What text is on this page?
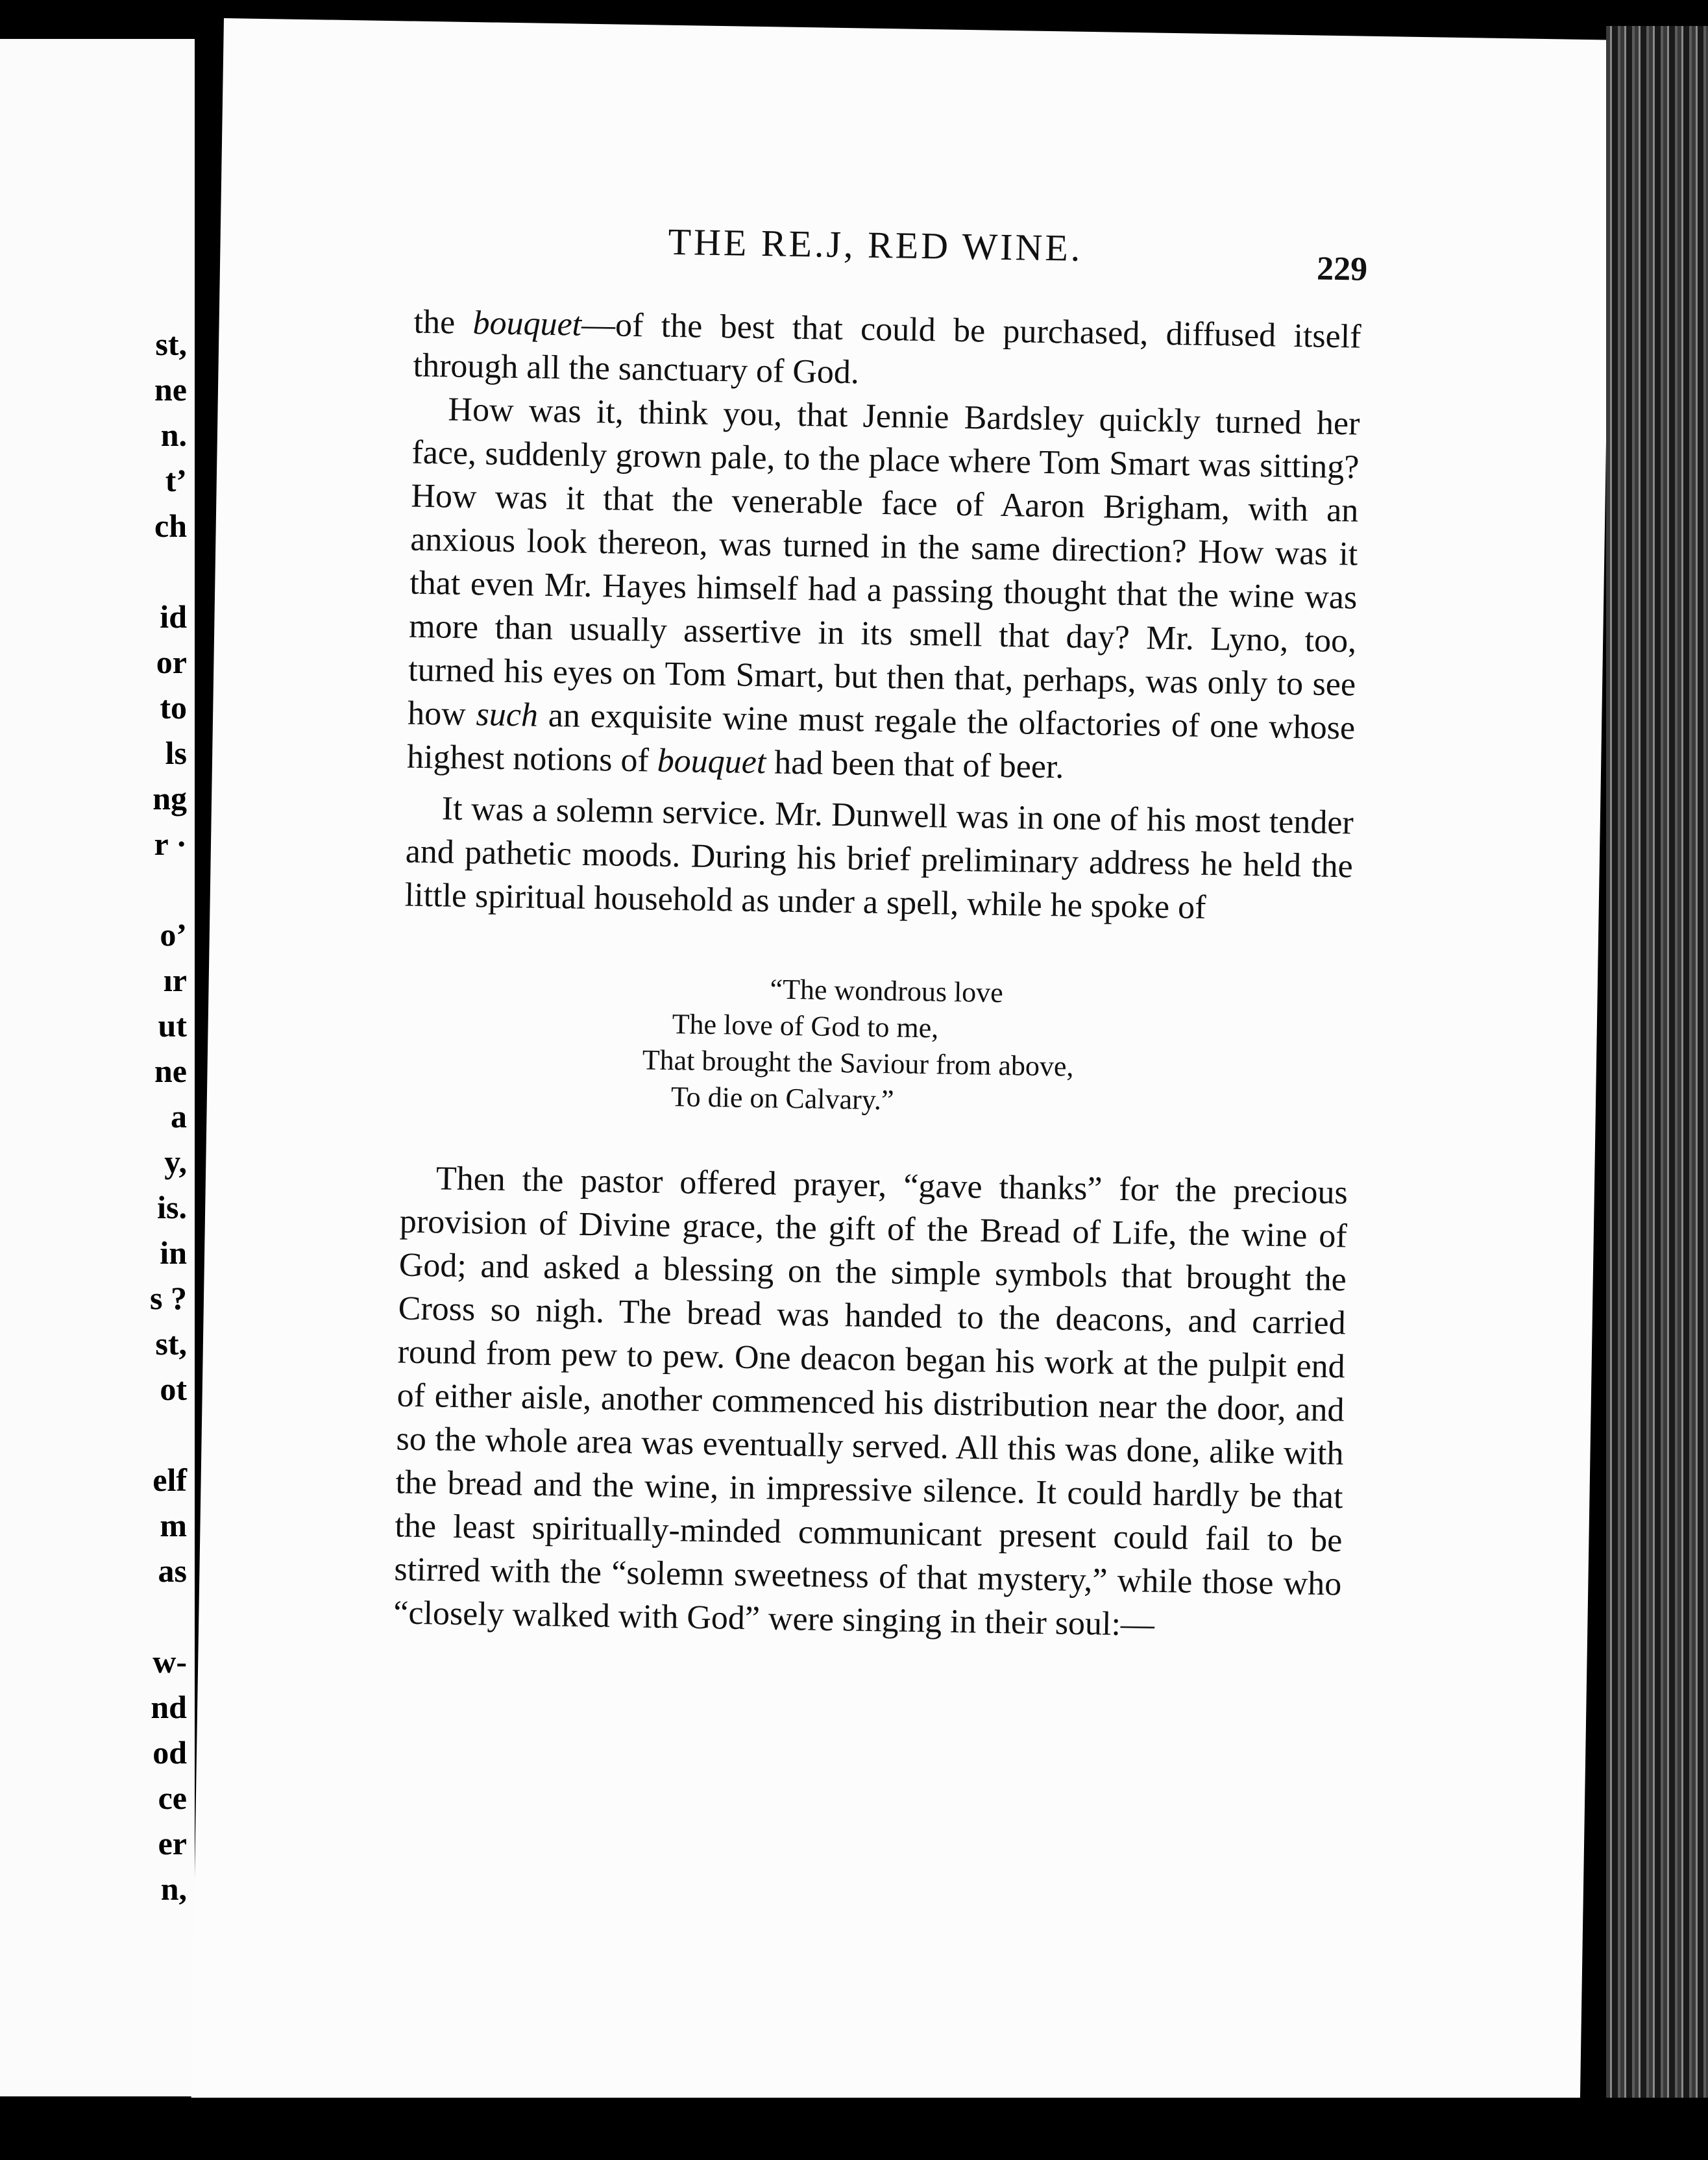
st,
ne
n.
t’
ch
id
or
to
ls
ng
r ·
o’
ır
ut
ne
a
y,
is.
in
s ?
st,
ot
elf
m
as
w-
nd
od
ce
er
n,
THE RE.J, RED WINE.	229

the bouquet—of the best that could be purchased, diffused itself through all the sanctuary of God.

How was it, think you, that Jennie Bardsley quickly turned her face, suddenly grown pale, to the place where Tom Smart was sitting? How was it that the venerable face of Aaron Brigham, with an anxious look thereon, was turned in the same direction? How was it that even Mr. Hayes himself had a passing thought that the wine was more than usually assertive in its smell that day? Mr. Lyno, too, turned his eyes on Tom Smart, but then that, perhaps, was only to see how such an exquisite wine must regale the olfactories of one whose highest notions of bouquet had been that of beer.

It was a solemn service. Mr. Dunwell was in one of his most tender and pathetic moods. During his brief preliminary address he held the little spiritual household as under a spell, while he spoke of

“The wondrous love
The love of God to me,
That brought the Saviour from above,
To die on Calvary.”

Then the pastor offered prayer, “gave thanks” for the precious provision of Divine grace, the gift of the Bread of Life, the wine of God; and asked a blessing on the simple symbols that brought the Cross so nigh. The bread was handed to the deacons, and carried round from pew to pew. One deacon began his work at the pulpit end of either aisle, another commenced his distribution near the door, and so the whole area was eventually served. All this was done, alike with the bread and the wine, in impressive silence. It could hardly be that the least spiritually-minded communicant present could fail to be stirred with the “solemn sweetness of that mystery,” while those who “closely walked with God” were singing in their soul:—
